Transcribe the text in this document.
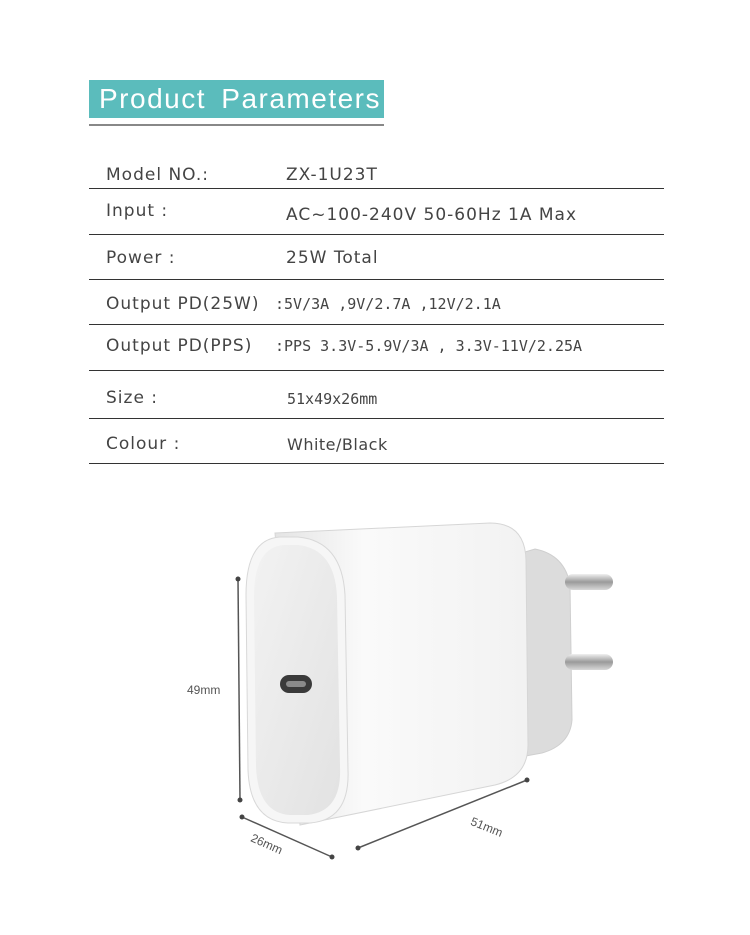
Product Parameters
Model NO.:	ZX-1U23T
Input :	AC~100-240V 50-60Hz 1A Max
Power :	25W Total
Output PD(25W) :5V/3A ,9V/2.7A ,12V/2.1A
Output PD(PPS) :PPS 3.3V-5.9V/3A , 3.3V-11V/2.25A
Size :	51x49x26mm
Colour :	White/Black
49mm
26mm
51mm
